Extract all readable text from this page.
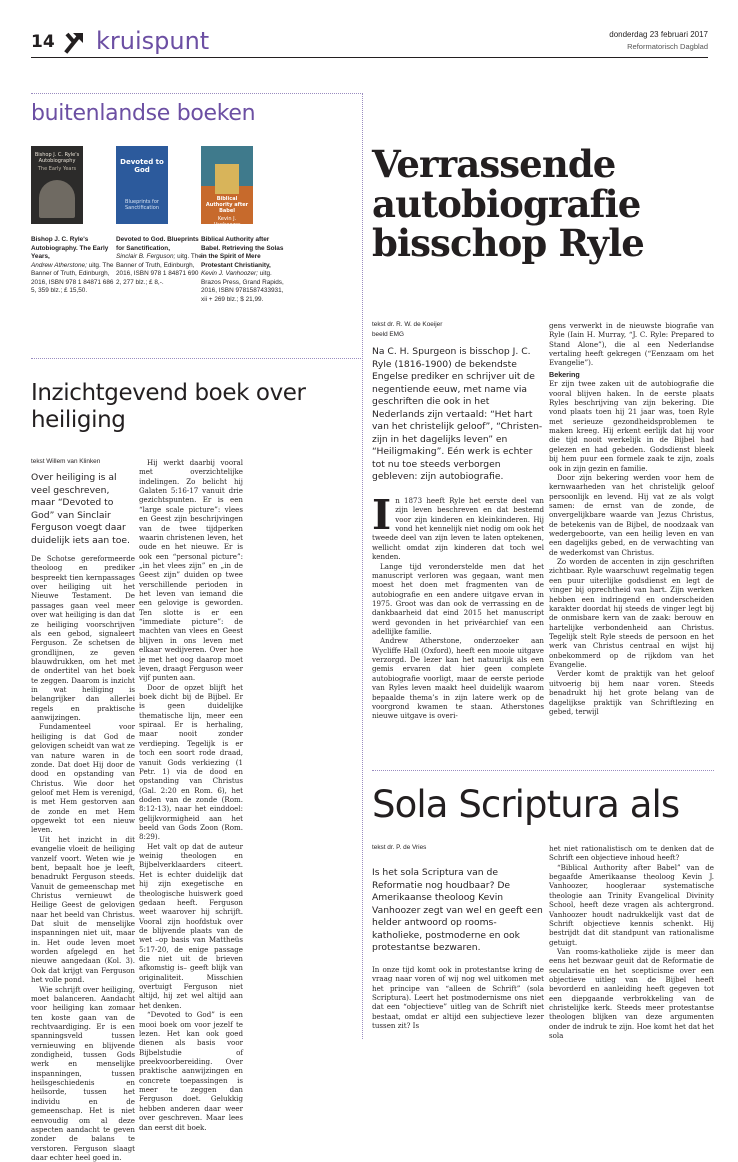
14 kruispunt	donderdag 23 februari 2017
Reformatorisch Dagblad
buitenlandse boeken
Bishop J. C. Ryle's Autobiography
The Early Years
Devoted to God
Blueprints for Sanctification
Biblical Authority after Babel
Kevin J. Vanhoozer
Bishop J. C. Ryle's Autobiography. The Early Years,
Andrew Atherstone; uitg. The Banner of Truth, Edinburgh, 2016, ISBN 978 1 84871 686 5, 359 blz.; £ 15,50.
Devoted to God. Blueprints for Sanctification,
Sinclair B. Ferguson; uitg. The Banner of Truth, Edinburgh, 2016, ISBN 978 1 84871 690 2, 277 blz.; £ 8,-.
Biblical Authority after Babel. Retrieving the Solas in the Spirit of Mere Protestant Christianity,
Kevin J. Vanhoozer; uitg. Brazos Press, Grand Rapids, 2016, ISBN 9781587433931, xii + 269 blz.; $ 21,99.
Inzichtgevend boek over heiliging
tekst Willem van Klinken
Over heiliging is al veel geschreven, maar “Devoted to God” van Sinclair Ferguson voegt daar duidelijk iets aan toe.

De Schotse gereformeerde theoloog en prediker bespreekt tien kernpassages over heiliging uit het Nieuwe Testament. De passages gaan veel meer over wat heiliging is dan dat ze heiliging voorschrijven als een gebod, signaleert Ferguson. Ze schetsen de grondlijnen, ze geven blauwdrukken, om het met de ondertitel van het boek te zeggen. Daarom is inzicht in wat heiliging is belangrijker dan allerlei regels en praktische aanwijzingen.

Fundamenteel voor heiliging is dat God de gelovigen scheidt van wat ze van nature waren in de zonde. Dat doet Hij door de dood en opstanding van Christus. Wie door het geloof met Hem is verenigd, is met Hem gestorven aan de zonde en met Hem opgewekt tot een nieuw leven.

Uit het inzicht in dit evangelie vloeit de heiliging vanzelf voort. Weten wie je bent, bepaalt hoe je leeft, benadrukt Ferguson steeds. Vanuit de gemeenschap met Christus vernieuwt de Heilige Geest de gelovigen naar het beeld van Christus. Dat sluit de menselijke inspanningen niet uit, maar in. Het oude leven moet worden afgelegd en het nieuwe aangedaan (Kol. 3). Ook dat krijgt van Ferguson het volle pond.

Wie schrijft over heiliging, moet balanceren. Aandacht voor heiliging kan zomaar ten koste gaan van de rechtvaardiging. Er is een spanningsveld tussen vernieuwing en blijvende zondigheid, tussen Gods werk en menselijke inspanningen, tussen heilsgeschiedenis en heilsorde, tussen het individu en de gemeenschap. Het is niet eenvoudig om al deze aspecten aandacht te geven zonder de balans te verstoren. Ferguson slaagt daar echter heel goed in.

Hij werkt daarbij vooral met overzichtelijke indelingen. Zo belicht hij Galaten 5:16-17 vanuit drie gezichtspunten. Er is een “large scale picture”: vlees en Geest zijn beschrijvingen van de twee tijdperken waarin christenen leven, het oude en het nieuwe. Er is ook een “personal picture”: „in het vlees zijn” en „in de Geest zijn” duiden op twee verschillende perioden in het leven van iemand die een gelovige is geworden. Ten slotte is er een “immediate picture”: de machten van vlees en Geest blijven in ons leven met elkaar wedijveren. Over hoe je met het oog daarop moet leven, draagt Ferguson weer vijf punten aan.

Door de opzet blijft het boek dicht bij de Bijbel. Er is geen duidelijke thematische lijn, meer een spiraal. Er is herhaling, maar nooit zonder verdieping. Tegelijk is er toch een soort rode draad, vanuit Gods verkiezing (1 Petr. 1) via de dood en opstanding van Christus (Gal. 2:20 en Rom. 6), het doden van de zonde (Rom. 8:12-13), naar het einddoel: gelijkvormigheid aan het beeld van Gods Zoon (Rom. 8:29).

Het valt op dat de auteur weinig theologen en Bijbelverklaarders citeert. Het is echter duidelijk dat hij zijn exegetische en theologische huiswerk goed gedaan heeft. Ferguson weet waarover hij schrijft. Vooral zijn hoofdstuk over de blijvende plaats van de wet –op basis van Mattheüs 5:17-20, de enige passage die niet uit de brieven afkomstig is– geeft blijk van originaliteit. Misschien overtuigt Ferguson niet altijd, hij zet wel altijd aan het denken.

“Devoted to God” is een mooi boek om voor jezelf te lezen. Het kan ook goed dienen als basis voor Bijbelstudie of preekvoorbereiding. Over praktische aanwijzingen en concrete toepassingen is meer te zeggen dan Ferguson doet. Gelukkig hebben anderen daar weer over geschreven. Maar lees dan eerst dit boek.

Verrassende autobiografie bisschop Ryle
tekst dr. R. W. de Koeijer
beeld EMG
Na C. H. Spurgeon is bisschop J. C. Ryle (1816-1900) de bekendste Engelse prediker en schrijver uit de negentiende eeuw, met name via geschriften die ook in het Nederlands zijn vertaald: “Het hart van het christelijk geloof”, “Christen-zijn in het dagelijks leven” en “Heiligmaking”. Eén werk is echter tot nu toe steeds verborgen gebleven: zijn autobiografie.

In 1873 heeft Ryle het eerste deel van zijn leven beschreven en dat bestemd voor zijn kinderen en kleinkinderen. Hij vond het kennelijk niet nodig om ook het tweede deel van zijn leven te laten optekenen, wellicht omdat zijn kinderen dat toch wel kenden.

Lange tijd veronderstelde men dat het manuscript verloren was gegaan, want men moest het doen met fragmenten van de autobiografie en een andere uitgave ervan in 1975. Groot was dan ook de verrassing en de dankbaarheid dat eind 2015 het manuscript werd gevonden in het privéarchief van een adellijke familie.

Andrew Atherstone, onderzoeker aan Wycliffe Hall (Oxford), heeft een mooie uitgave verzorgd. De lezer kan het natuurlijk als een gemis ervaren dat hier geen complete autobiografie voorligt, maar de eerste periode van Ryles leven maakt heel duidelijk waarom bepaalde thema’s in zijn latere werk op de voorgrond kwamen te staan. Atherstones nieuwe uitgave is overi-

gens verwerkt in de nieuwste biografie van Ryle (Iain H. Murray, “J. C. Ryle: Prepared to Stand Alone”), die al een Nederlandse vertaling heeft gekregen (“Eenzaam om het Evangelie”).

Bekering

Er zijn twee zaken uit de autobiografie die vooral blijven haken. In de eerste plaats Ryles beschrijving van zijn bekering. Die vond plaats toen hij 21 jaar was, toen Ryle met serieuze gezondheidsproblemen te maken kreeg. Hij erkent eerlijk dat hij voor die tijd nooit werkelijk in de Bijbel had gelezen en had gebeden. Godsdienst bleek bij hem puur een formele zaak te zijn, zoals ook in zijn gezin en familie.

Door zijn bekering werden voor hem de kernwaarheden van het christelijk geloof persoonlijk en levend. Hij vat ze als volgt samen: de ernst van de zonde, de onvergelijkbare waarde van Jezus Christus, de betekenis van de Bijbel, de noodzaak van wedergeboorte, van een heilig leven en van een dagelijks gebed, en de verwachting van de wederkomst van Christus.

Zo worden de accenten in zijn geschriften zichtbaar. Ryle waarschuwt regelmatig tegen een puur uiterlijke godsdienst en legt de vinger bij oprechtheid van hart. Zijn werken hebben een indringend en onderscheiden karakter doordat hij steeds de vinger legt bij de onmisbare kern van de zaak: berouw en hartelijke verbondenheid aan Christus. Tegelijk stelt Ryle steeds de persoon en het werk van Christus centraal en wijst hij onbekommerd op de rijkdom van het Evangelie.

Verder komt de praktijk van het geloof uitvoerig bij hem naar voren. Steeds benadrukt hij het grote belang van de dagelijkse praktijk van Schriftlezing en gebed, terwijl

Sola Scriptura als
tekst dr. P. de Vries
Is het sola Scriptura van de Reformatie nog houdbaar? De Amerikaanse theoloog Kevin Vanhoozer zegt van wel en geeft een helder antwoord op rooms-katholieke, postmoderne en ook protestantse bezwaren.

In onze tijd komt ook in protestantse kring de vraag naar voren of wij nog wel uitkomen met het principe van “alleen de Schrift” (sola Scriptura). Leert het postmodernisme ons niet dat een “objectieve” uitleg van de Schrift niet bestaat, omdat er altijd een subjectieve lezer tussen zit? Is

het niet rationalistisch om te denken dat de Schrift een objectieve inhoud heeft?

“Biblical Authority after Babel” van de begaafde Amerikaanse theoloog Kevin J. Vanhoozer, hoogleraar systematische theologie aan Trinity Evangelical Divinity School, heeft deze vragen als achtergrond. Vanhoozer houdt nadrukkelijk vast dat de Schrift objectieve kennis schenkt. Hij bestrijdt dat dit standpunt van rationalisme getuigt.

Van rooms-katholieke zijde is meer dan eens het bezwaar geuit dat de Reformatie de secularisatie en het scepticisme over een objectieve uitleg van de Bijbel heeft bevorderd en aanleiding heeft gegeven tot een diepgaande verbrokkeling van de christelijke kerk. Steeds meer protestantse theologen blijken van deze argumenten onder de indruk te zijn. Hoe komt het dat het sola
